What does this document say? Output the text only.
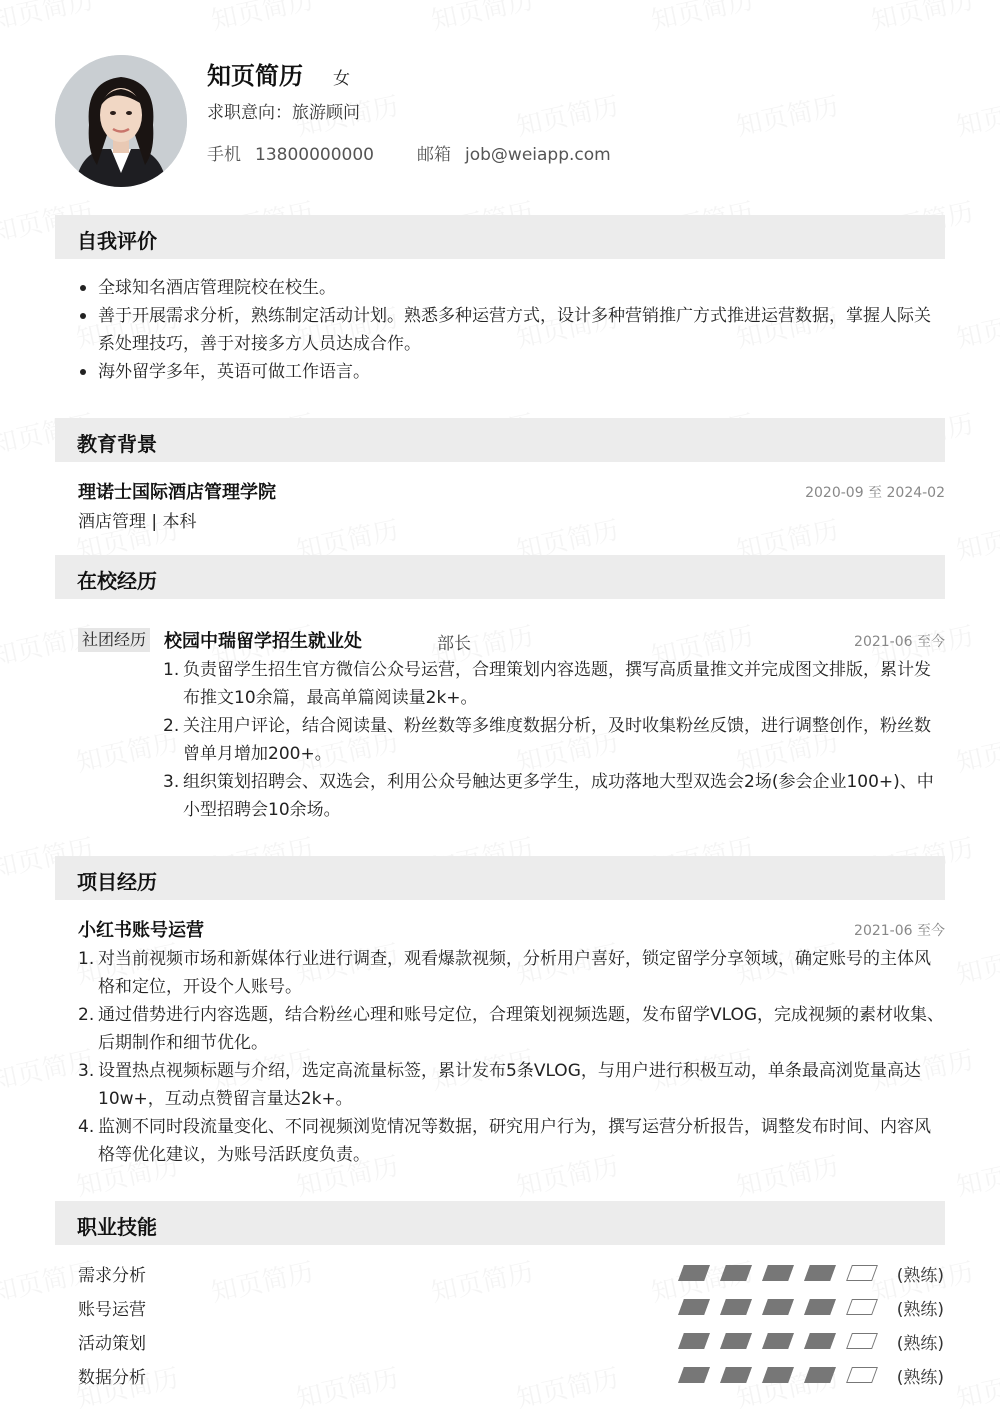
知页简历 女
求职意向：旅游顾问
手机 13800000000	邮箱 job@weiapp.com
自我评价
全球知名酒店管理院校在校生。
善于开展需求分析，熟练制定活动计划。熟悉多种运营方式，设计多种营销推广方式推进运营数据，掌握人际关系处理技巧，善于对接多方人员达成合作。
海外留学多年，英语可做工作语言。
教育背景
理诺士国际酒店管理学院	2020-09 至 2024-02
酒店管理 | 本科
在校经历
社团经历 校园中瑞留学招生就业处	部长	2021-06 至今
1. 负责留学生招生官方微信公众号运营，合理策划内容选题，撰写高质量推文并完成图文排版，累计发布推文10余篇，最高单篇阅读量2k+。
2. 关注用户评论，结合阅读量、粉丝数等多维度数据分析，及时收集粉丝反馈，进行调整创作，粉丝数曾单月增加200+。
3. 组织策划招聘会、双选会，利用公众号触达更多学生，成功落地大型双选会2场(参会企业100+)、中小型招聘会10余场。
项目经历
小红书账号运营	2021-06 至今
1. 对当前视频市场和新媒体行业进行调查，观看爆款视频，分析用户喜好，锁定留学分享领域，确定账号的主体风格和定位，开设个人账号。
2. 通过借势进行内容选题，结合粉丝心理和账号定位，合理策划视频选题，发布留学VLOG，完成视频的素材收集、后期制作和细节优化。
3. 设置热点视频标题与介绍，选定高流量标签，累计发布5条VLOG，与用户进行积极互动，单条最高浏览量高达10w+，互动点赞留言量达2k+。
4. 监测不同时段流量变化、不同视频浏览情况等数据，研究用户行为，撰写运营分析报告，调整发布时间、内容风格等优化建议，为账号活跃度负责。
职业技能
需求分析	(熟练)
账号运营	(熟练)
活动策划	(熟练)
数据分析	(熟练)
